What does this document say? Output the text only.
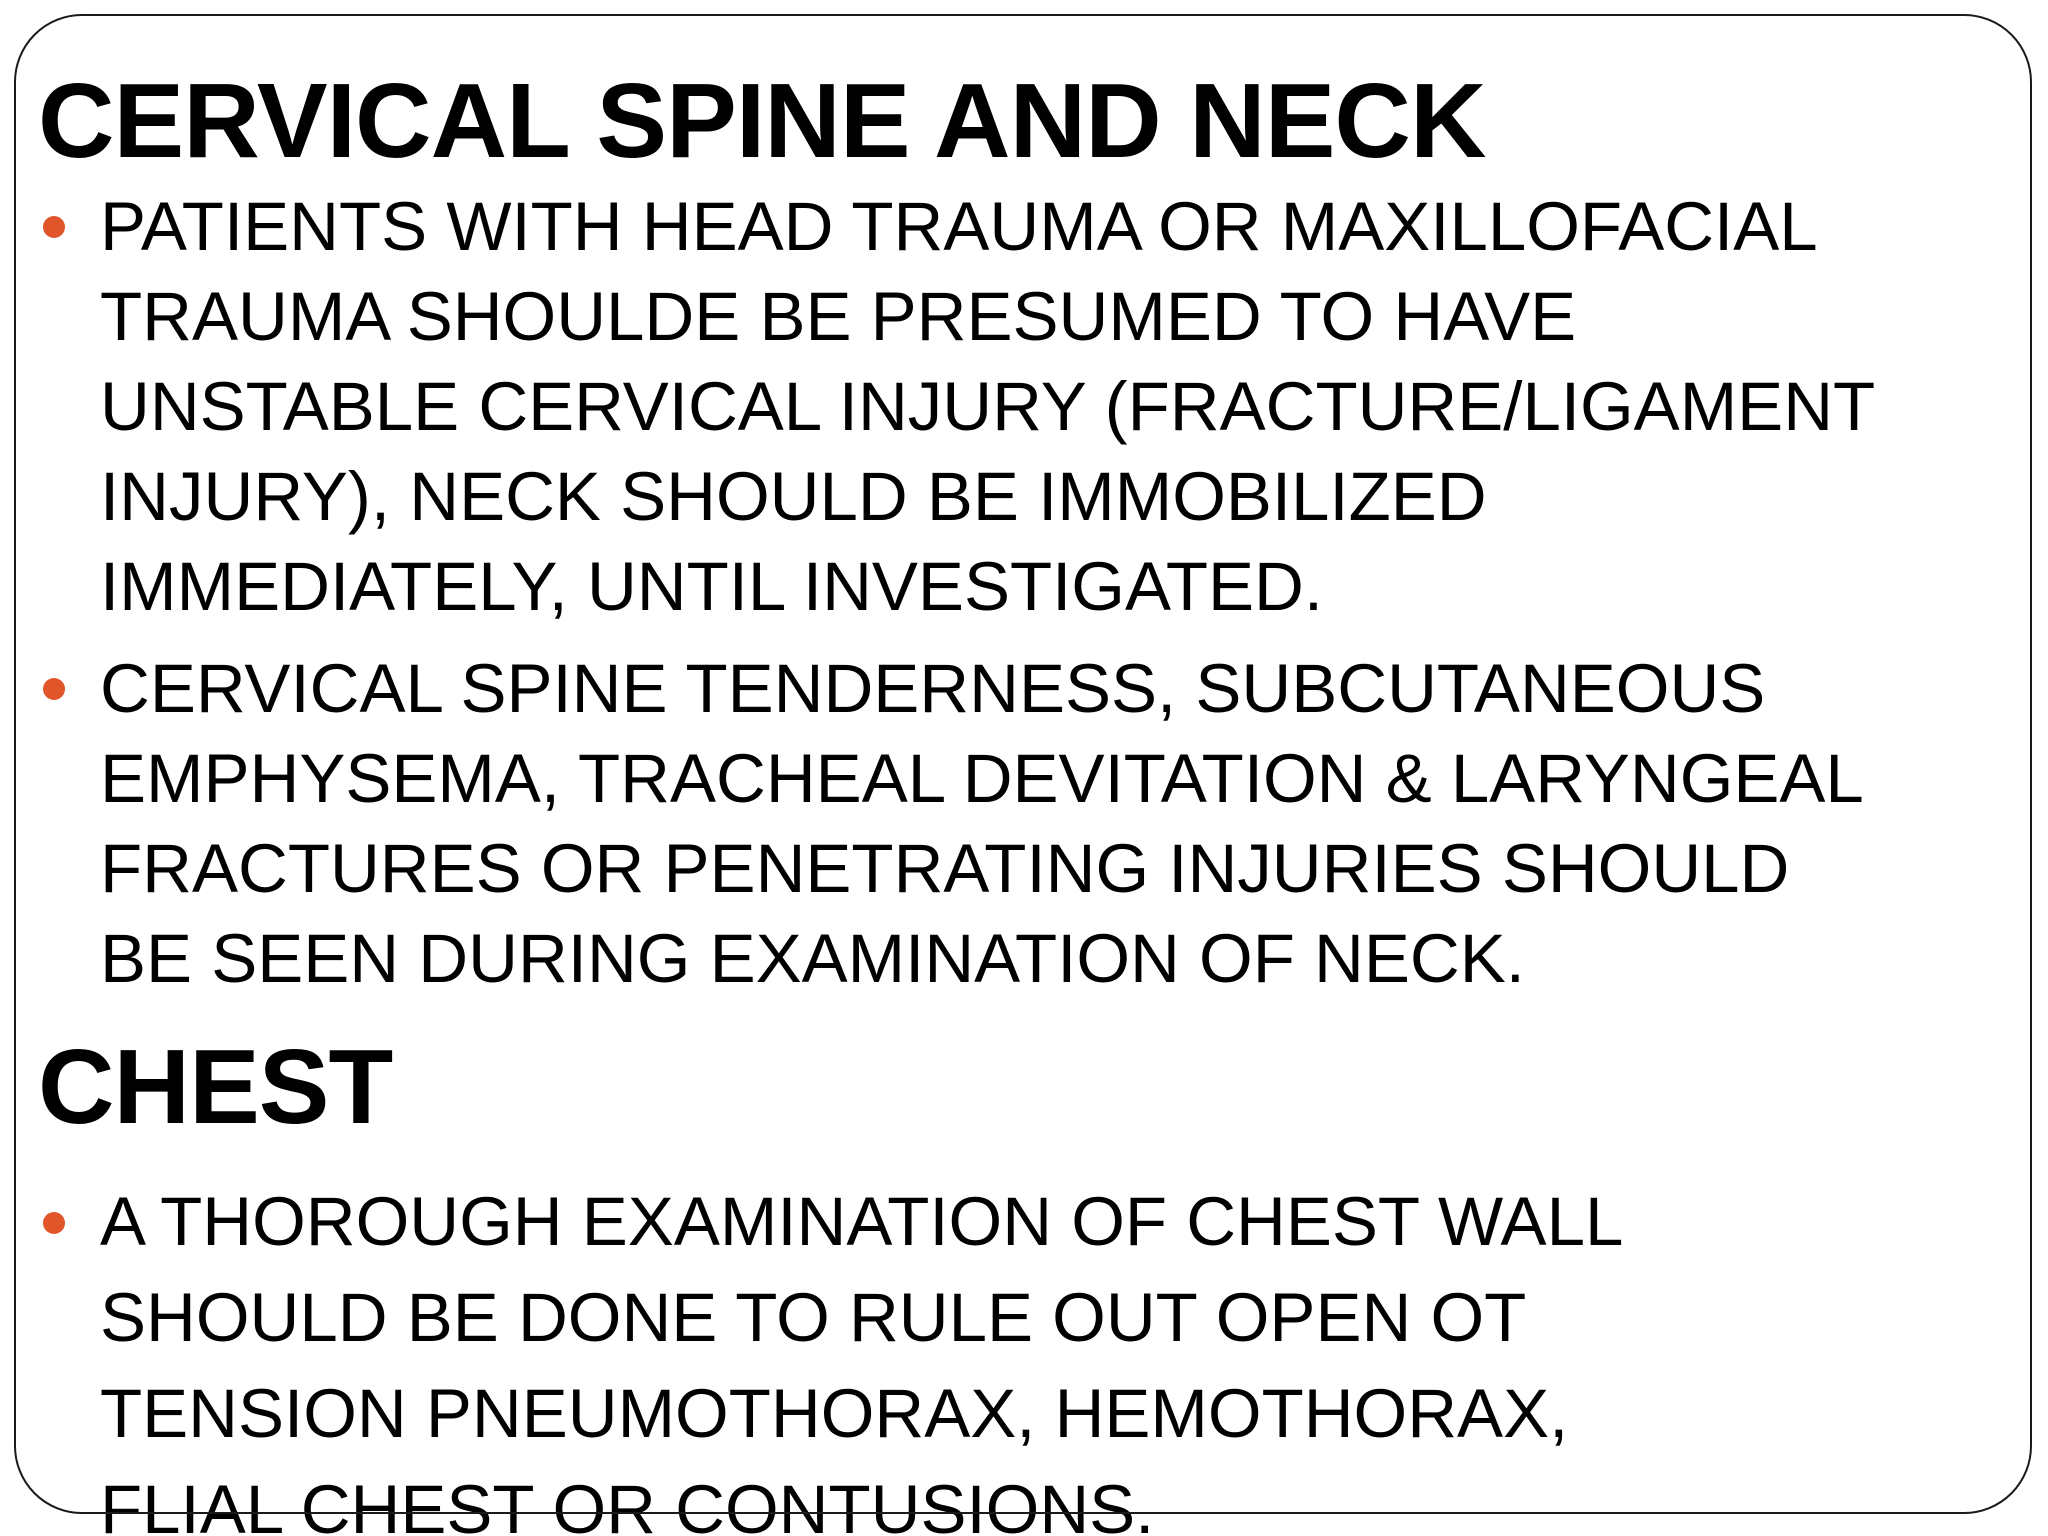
CERVICAL SPINE AND NECK
PATIENTS WITH HEAD TRAUMA OR MAXILLOFACIAL
TRAUMA SHOULDE BE PRESUMED TO HAVE
UNSTABLE CERVICAL INJURY (FRACTURE/LIGAMENT
INJURY), NECK SHOULD BE IMMOBILIZED
IMMEDIATELY, UNTIL INVESTIGATED.
CERVICAL SPINE TENDERNESS, SUBCUTANEOUS
EMPHYSEMA, TRACHEAL DEVITATION & LARYNGEAL
FRACTURES OR PENETRATING INJURIES SHOULD
BE SEEN DURING EXAMINATION OF NECK.
CHEST
A THOROUGH EXAMINATION OF CHEST WALL
SHOULD BE DONE TO RULE OUT OPEN OT
TENSION PNEUMOTHORAX, HEMOTHORAX,
FLIAL CHEST OR CONTUSIONS.
